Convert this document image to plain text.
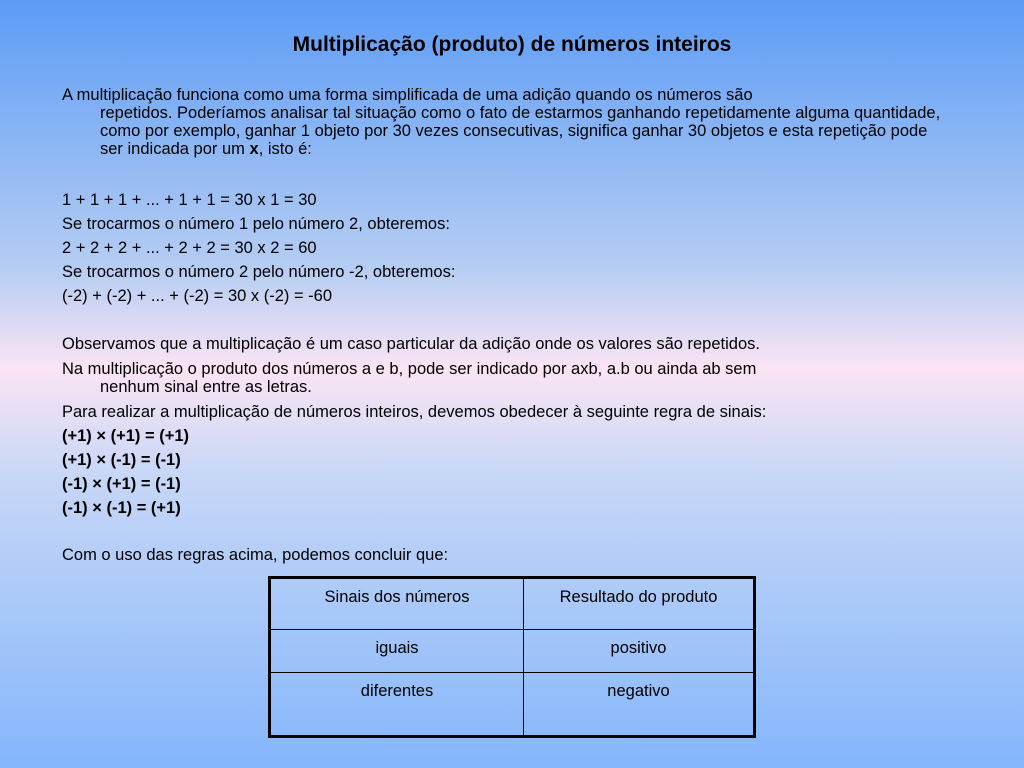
Multiplicação (produto) de números inteiros
A multiplicação funciona como uma forma simplificada de uma adição quando os números são
repetidos. Poderíamos analisar tal situação como o fato de estarmos ganhando repetidamente alguma quantidade, como por exemplo, ganhar 1 objeto por 30 vezes consecutivas, significa ganhar 30 objetos e esta repetição pode ser indicada por um x, isto é:
1 + 1 + 1 + ... + 1 + 1 = 30 x 1 = 30
Se trocarmos o número 1 pelo número 2, obteremos:
2 + 2 + 2 + ... + 2 + 2 = 30 x 2 = 60
Se trocarmos o número 2 pelo número -2, obteremos:
(-2) + (-2) + ... + (-2) = 30 x (-2) = -60
Observamos que a multiplicação é um caso particular da adição onde os valores são repetidos.
Na multiplicação o produto dos números a e b, pode ser indicado por axb, a.b ou ainda ab sem
nenhum sinal entre as letras.
Para realizar a multiplicação de números inteiros, devemos obedecer à seguinte regra de sinais:
(+1) × (+1) = (+1)
(+1) × (-1) = (-1)
(-1) × (+1) = (-1)
(-1) × (-1) = (+1)
Com o uso das regras acima, podemos concluir que:
Sinais dos números	Resultado do produto
iguais	positivo
diferentes	negativo
